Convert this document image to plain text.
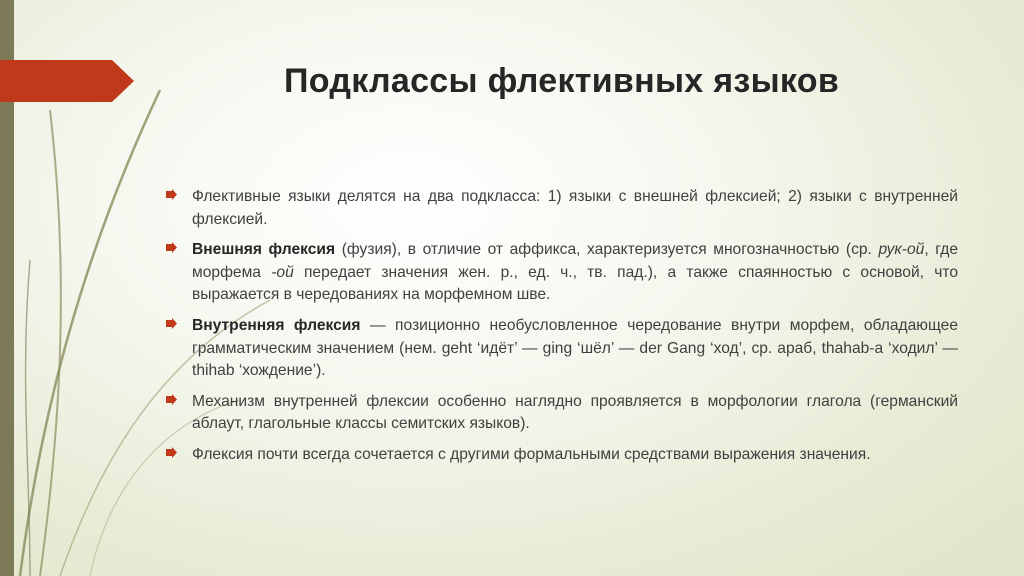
Подклассы флективных языков
Флективные языки делятся на два подкласса: 1) языки с внешней флексией; 2) языки с внутренней флексией.
Внешняя флексия (фузия), в отличие от аффикса, характеризуется многозначностью (ср. рук-ой, где морфема -ой передает значения жен. р., ед. ч., тв. пад.), а также спаянностью с основой, что выражается в чередованиях на морфемном шве.
Внутренняя флексия — позиционно необусловленное чередование внутри морфем, обладающее грамматическим значением (нем. geht ‘идёт’ — ging ‘шёл’ — der Gang ‘ход’, ср. араб, thahab-a ‘ходил’ — thihab ‘хождение’).
Механизм внутренней флексии особенно наглядно проявляется в морфологии глагола (германский аблаут, глагольные классы семитских языков).
Флексия почти всегда сочетается с другими формальными средствами выражения значения.
